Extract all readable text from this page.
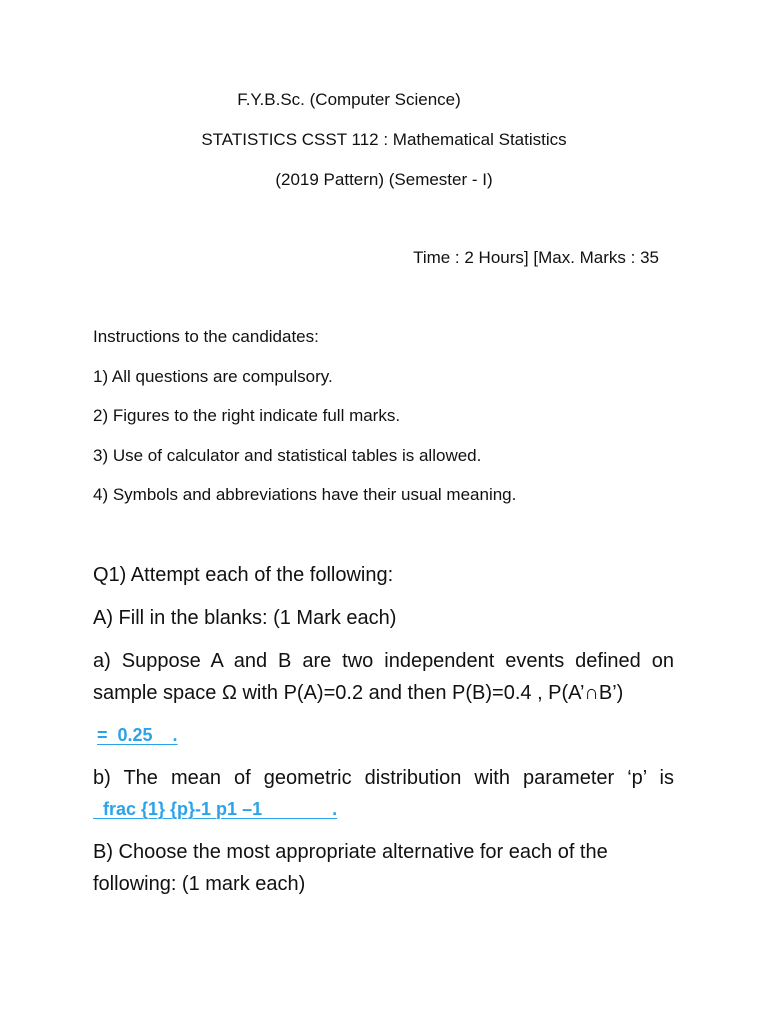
F.Y.B.Sc. (Computer Science)
STATISTICS CSST 112 : Mathematical Statistics
(2019 Pattern) (Semester - I)
Time : 2 Hours] [Max. Marks : 35
Instructions to the candidates:
1) All questions are compulsory.
2) Figures to the right indicate full marks.
3) Use of calculator and statistical tables is allowed.
4) Symbols and abbreviations have their usual meaning.
Q1) Attempt each of the following:
A) Fill in the blanks: (1 Mark each)
a) Suppose A and B are two independent events defined on
sample space Ω with P(A)=0.2 and then P(B)=0.4 , P(A’∩B’)
=  0.25    .
b) The mean of geometric distribution with parameter ‘p’ is
frac {1} {p}-1 p1 –1              .
B) Choose the most appropriate alternative for each of the
following: (1 mark each)
